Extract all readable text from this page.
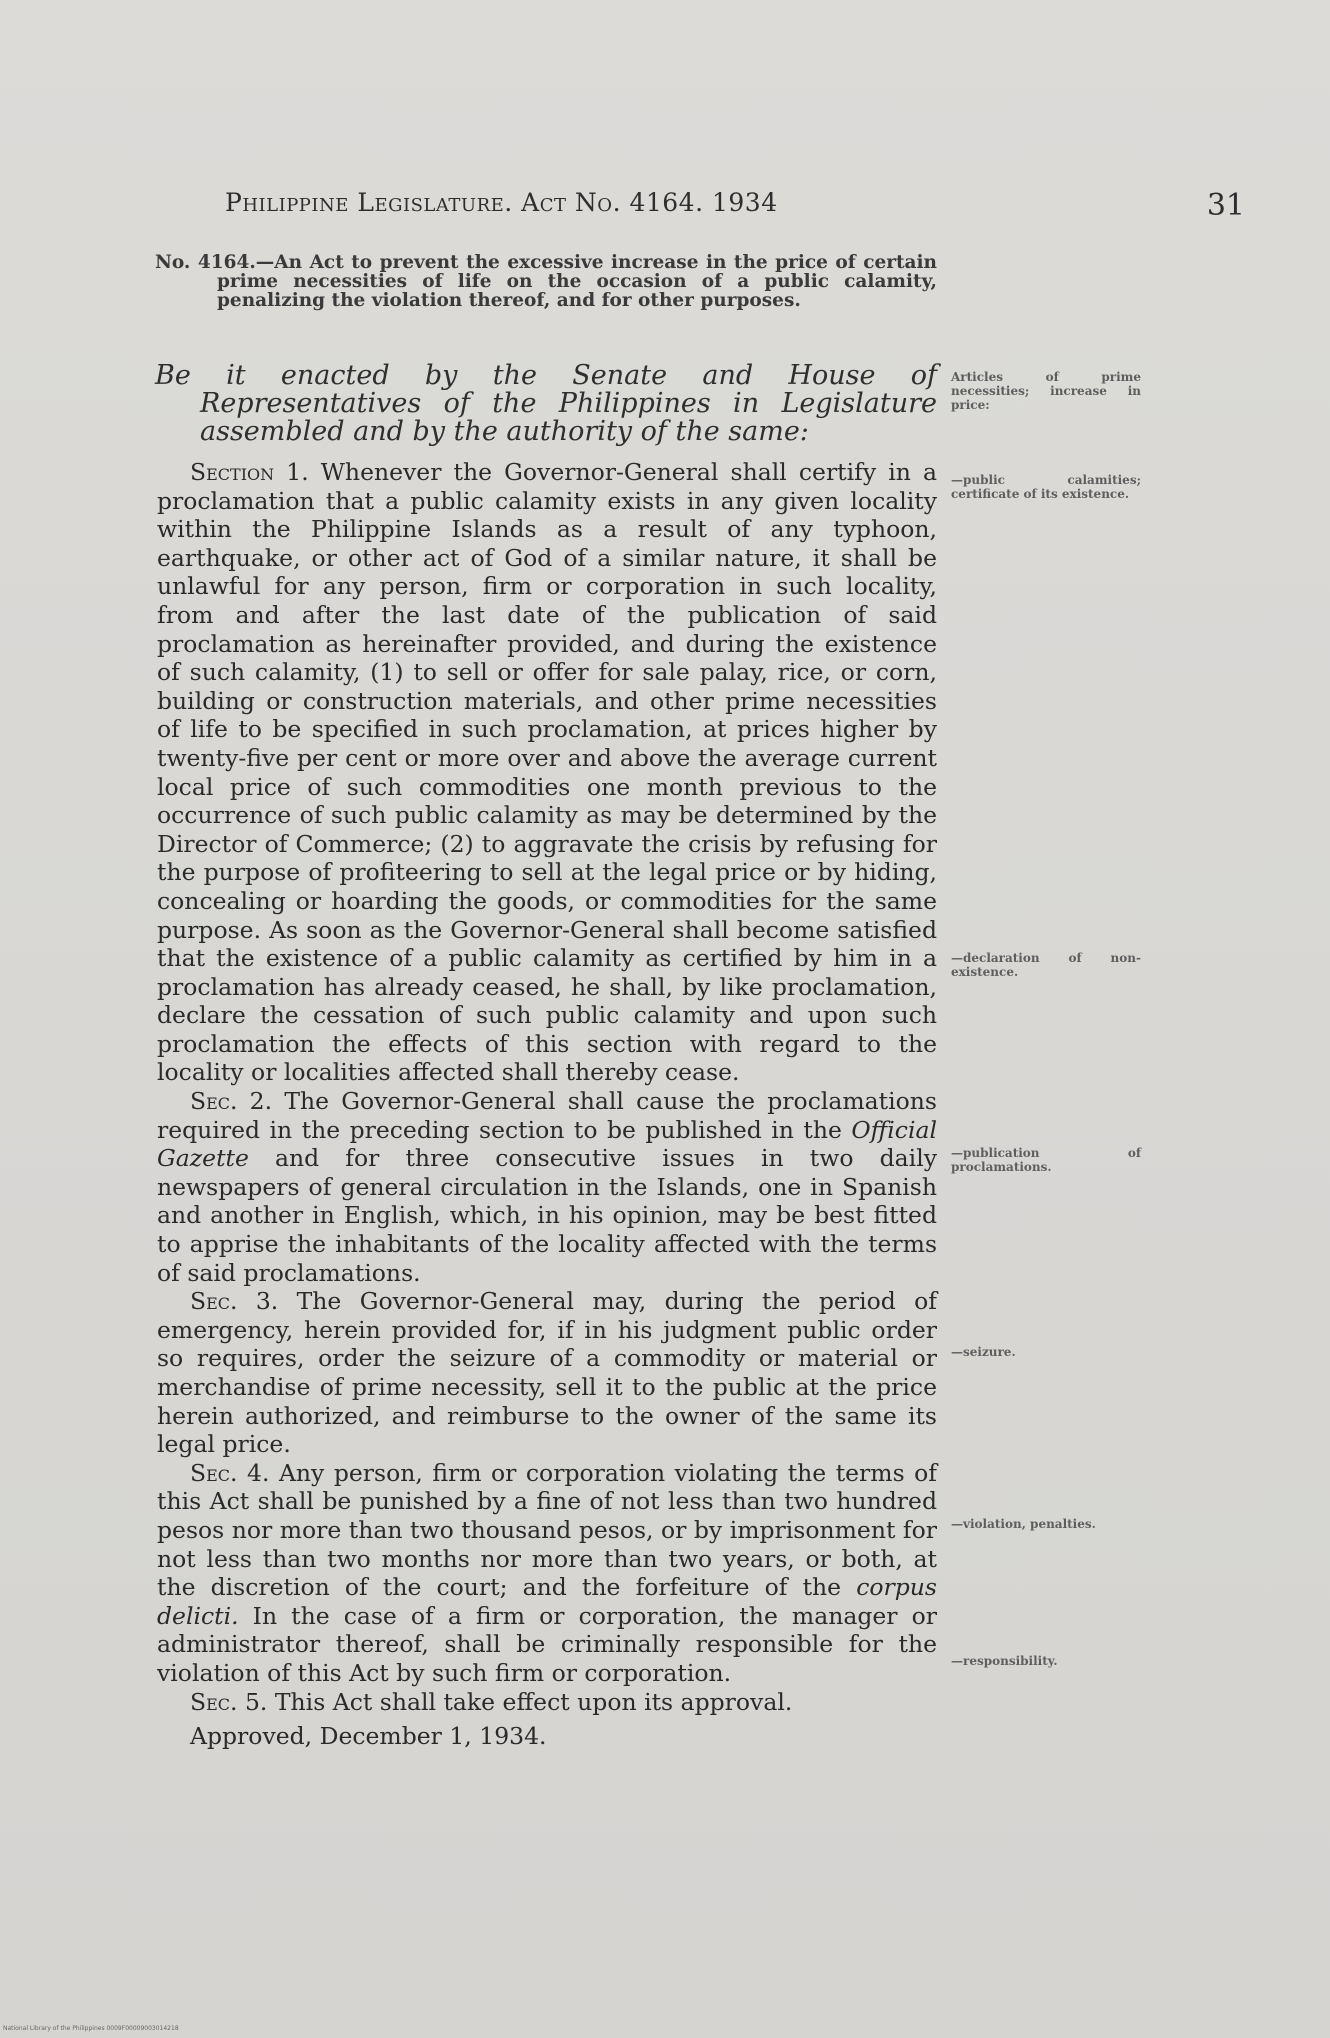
Philippine Legislature. Act No. 4164. 1934	31
No. 4164.—An Act to prevent the excessive increase in the price of certain prime necessities of life on the occasion of a public calamity, penalizing the violation thereof, and for other purposes.
Be it enacted by the Senate and House of Representatives of the Philippines in Legislature assembled and by the authority of the same:

Section 1. Whenever the Governor-General shall certify in a proclamation that a public calamity exists in any given locality within the Philippine Islands as a result of any typhoon, earthquake, or other act of God of a similar nature, it shall be unlawful for any person, firm or corporation in such locality, from and after the last date of the publication of said proclamation as hereinafter provided, and during the existence of such calamity, (1) to sell or offer for sale palay, rice, or corn, building or construction materials, and other prime necessities of life to be specified in such proclamation, at prices higher by twenty-five per cent or more over and above the average current local price of such commodities one month previous to the occurrence of such public calamity as may be determined by the Director of Commerce; (2) to aggravate the crisis by refusing for the purpose of profiteering to sell at the legal price or by hiding, concealing or hoarding the goods, or commodities for the same purpose. As soon as the Governor-General shall become satisfied that the existence of a public calamity as certified by him in a proclamation has already ceased, he shall, by like proclamation, declare the cessation of such public calamity and upon such proclamation the effects of this section with regard to the locality or localities affected shall thereby cease.

Sec. 2. The Governor-General shall cause the proclamations required in the preceding section to be published in the Official Gazette and for three consecutive issues in two daily newspapers of general circulation in the Islands, one in Spanish and another in English, which, in his opinion, may be best fitted to apprise the inhabitants of the locality affected with the terms of said proclamations.

Sec. 3. The Governor-General may, during the period of emergency, herein provided for, if in his judgment public order so requires, order the seizure of a commodity or material or merchandise of prime necessity, sell it to the public at the price herein authorized, and reimburse to the owner of the same its legal price.

Sec. 4. Any person, firm or corporation violating the terms of this Act shall be punished by a fine of not less than two hundred pesos nor more than two thousand pesos, or by imprisonment for not less than two months nor more than two years, or both, at the discretion of the court; and the forfeiture of the corpus delicti. In the case of a firm or corporation, the manager or administrator thereof, shall be criminally responsible for the violation of this Act by such firm or corporation.

Sec. 5. This Act shall take effect upon its approval.

Approved, December 1, 1934.

Articles of prime necessities; increase in price:
—public calamities; certificate of its existence.
—declaration of non-existence.
—publication of proclamations.
—seizure.
—violation, penalties.
—responsibility.
National Library of the Philippines 0009F00009003014218
